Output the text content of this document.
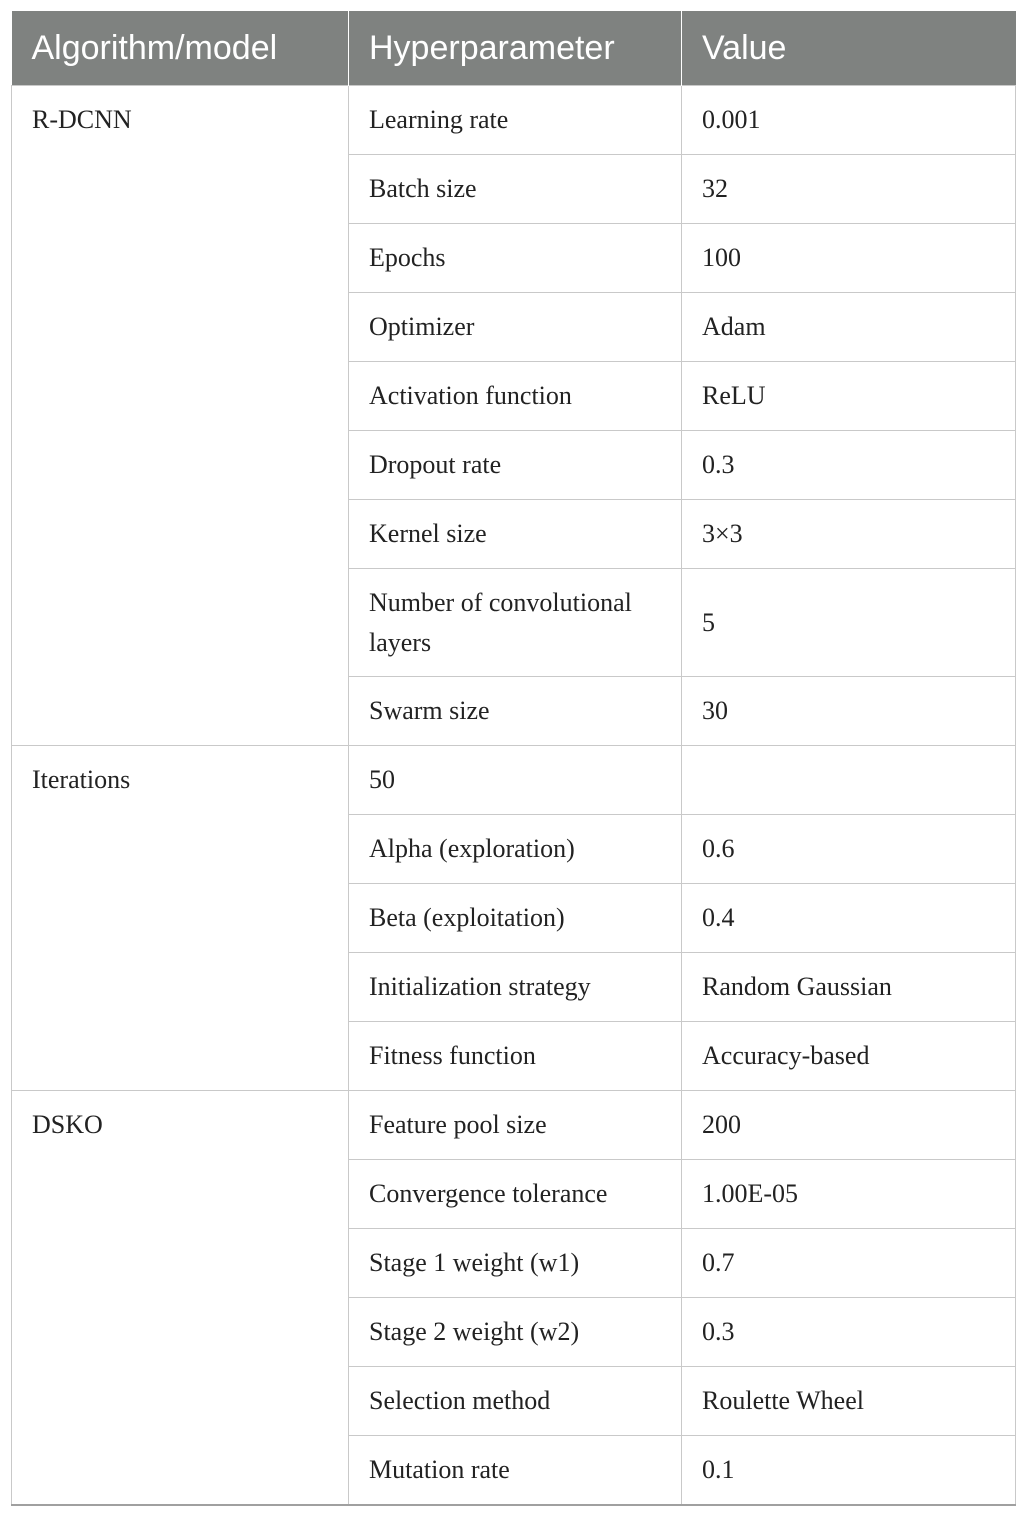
Algorithm/model	Hyperparameter	Value
R-DCNN	Learning rate	0.001
	Batch size	32
	Epochs	100
	Optimizer	Adam
	Activation function	ReLU
	Dropout rate	0.3
	Kernel size	3×3
	Number of convolutional layers	5
	Swarm size	30
Iterations	50	
	Alpha (exploration)	0.6
	Beta (exploitation)	0.4
	Initialization strategy	Random Gaussian
	Fitness function	Accuracy-based
DSKO	Feature pool size	200
	Convergence tolerance	1.00E-05
	Stage 1 weight (w1)	0.7
	Stage 2 weight (w2)	0.3
	Selection method	Roulette Wheel
	Mutation rate	0.1
